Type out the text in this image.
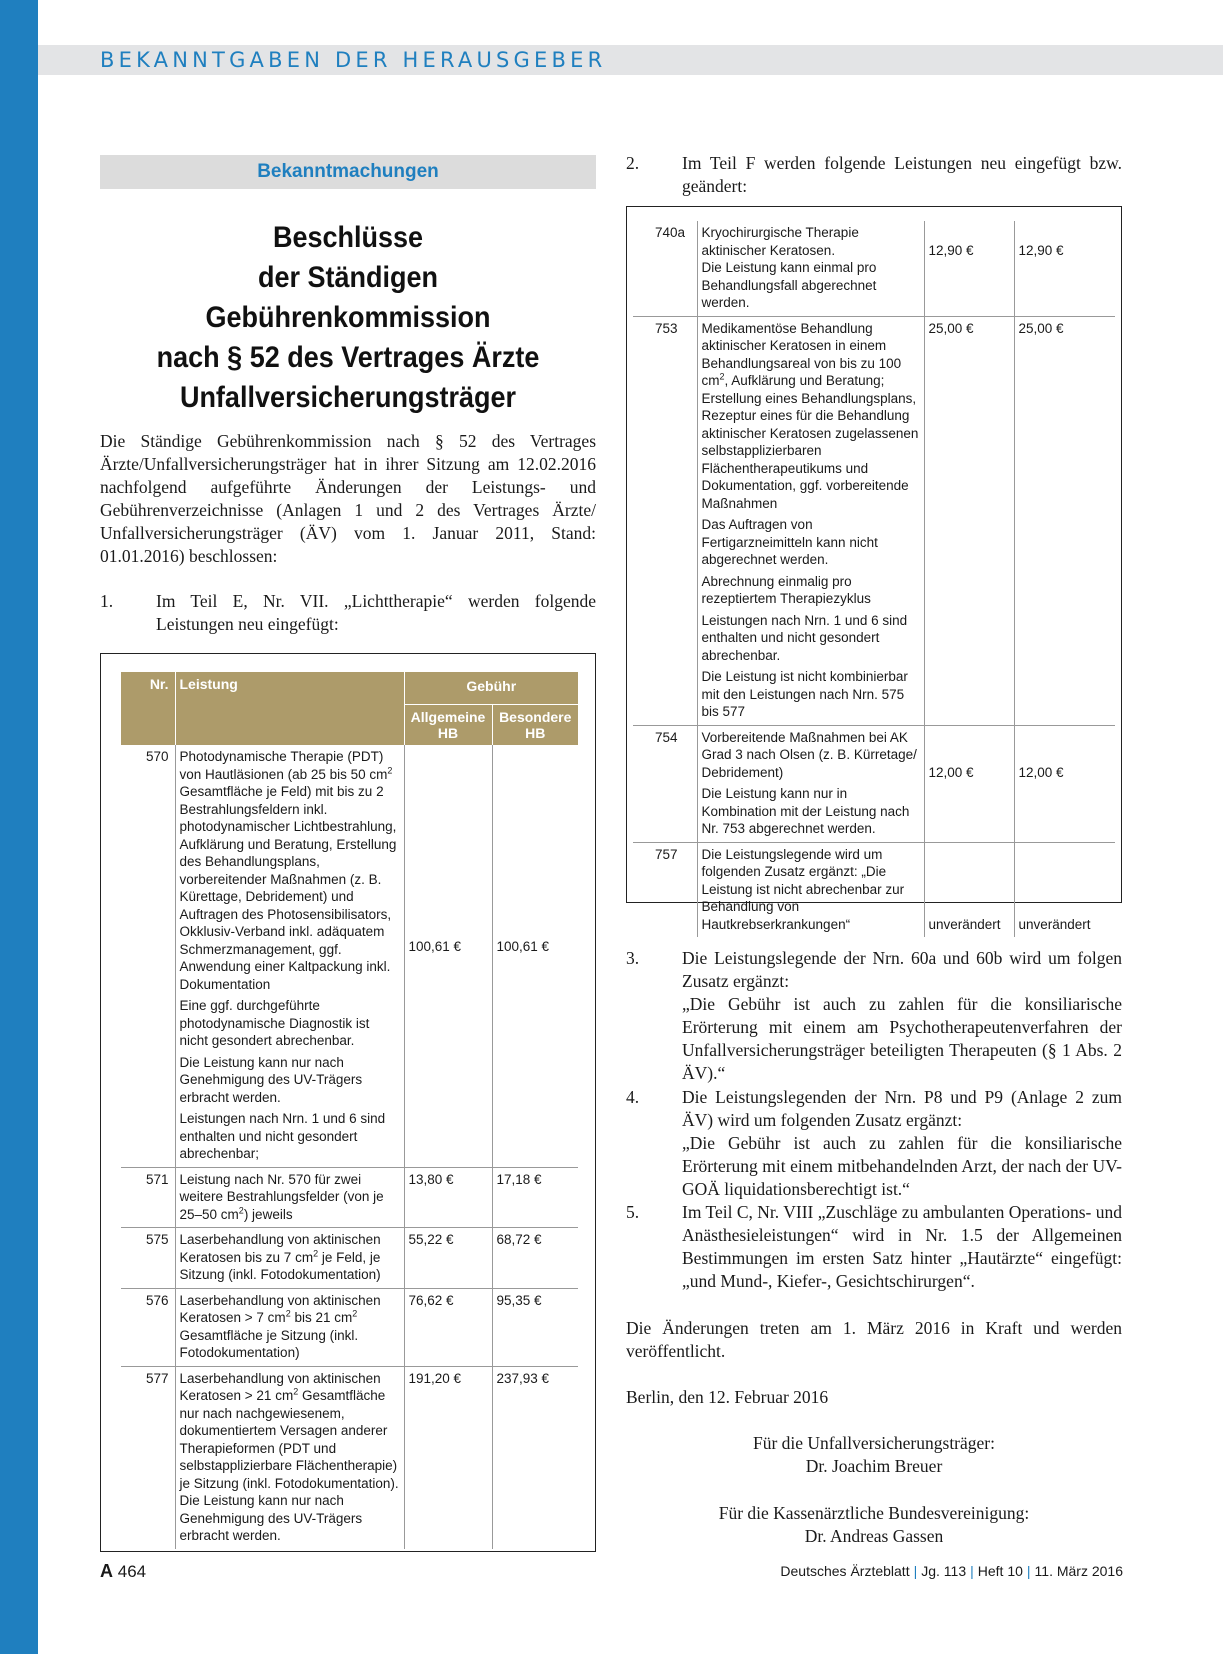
BEKANNTGABEN DER HERAUSGEBER
Bekanntmachungen
Beschlüsse
der Ständigen Gebührenkommission
nach § 52 des Vertrages Ärzte
Unfallversicherungsträger
Die Ständige Gebührenkommission nach § 52 des Vertrages Ärzte/Unfallversicherungsträger hat in ihrer Sitzung am 12.02.2016 nachfolgend aufgeführte Änderungen der Leistungs- und Gebührenverzeichnisse (Anlagen 1 und 2 des Vertrages Ärzte/ Unfallversicherungsträger (ÄV) vom 1. Januar 2011, Stand: 01.01.2016) beschlossen:
1. Im Teil E, Nr. VII. „Lichttherapie“ werden folgende Leistungen neu eingefügt:
Nr.	Leistung	Gebühr	
		Allgemeine HB	Besondere HB
570	Photodynamische Therapie (PDT) von Hautläsionen (ab 25 bis 50 $cm^2$ Gesamtfläche je Feld) mit bis zu 2 Bestrahlungsfeldern inkl. photodynamischer Lichtbestrahlung, Aufklärung und Beratung, Erstellung des Behandlungsplans, vorbereitender Maßnahmen (z. B. Kürettage, Debridement) und Auftragen des Photosensibilisators, Okklusiv-Verband inkl. adäquatem Schmerzmanagement, ggf. Anwendung einer Kaltpackung inkl. Dokumentation
Eine ggf. durchgeführte photodynamische Diagnostik ist nicht gesondert abrechenbar.
Die Leistung kann nur nach Genehmigung des UV-Trägers erbracht werden.
Leistungen nach Nrn. 1 und 6 sind enthalten und nicht gesondert abrechenbar;	100,61 €	100,61 €
571	Leistung nach Nr. 570 für zwei weitere Bestrahlungsfelder (von je 25–50 $cm^2$) jeweils	13,80 €	17,18 €
575	Laserbehandlung von aktinischen Keratosen bis zu 7 $cm^2$ je Feld, je Sitzung (inkl. Fotodokumentation)	55,22 €	68,72 €
576	Laserbehandlung von aktinischen Keratosen > 7 $cm^2$ bis 21 $cm^2$ Gesamtfläche je Sitzung (inkl. Fotodokumentation)	76,62 €	95,35 €
577	Laserbehandlung von aktinischen Keratosen > 21 $cm^2$ Gesamtfläche nur nach nachgewiesenem, dokumentiertem Versagen anderer Therapieformen (PDT und selbstapplizierbare Flächentherapie) je Sitzung (inkl. Fotodokumentation). Die Leistung kann nur nach Genehmigung des UV-Trägers erbracht werden.	191,20 €	237,93 €
2. Im Teil F werden folgende Leistungen neu eingefügt bzw. geändert:
740a	Kryochirurgische Therapie aktinischer Keratosen.
Die Leistung kann einmal pro Behandlungsfall abgerechnet werden.	12,90 €	12,90 €
753	Medikamentöse Behandlung aktinischer Keratosen in einem Behandlungsareal von bis zu 100 $cm^2$, Aufklärung und Beratung; Erstellung eines Behandlungsplans, Rezeptur eines für die Behandlung aktinischer Keratosen zugelassenen selbstapplizierbaren Flächentherapeutikums und Dokumentation, ggf. vorbereitende Maßnahmen
Das Auftragen von Fertigarzneimitteln kann nicht abgerechnet werden.
Abrechnung einmalig pro rezeptiertem Therapiezyklus
Leistungen nach Nrn. 1 und 6 sind enthalten und nicht gesondert abrechenbar.
Die Leistung ist nicht kombinierbar mit den Leistungen nach Nrn. 575 bis 577	25,00 €	25,00 €
754	Vorbereitende Maßnahmen bei AK Grad 3 nach Olsen (z. B. Kürretage/ Debridement)
Die Leistung kann nur in Kombination mit der Leistung nach Nr. 753 abgerechnet werden.	12,00 €	12,00 €
757	Die Leistungslegende wird um folgenden Zusatz ergänzt: „Die Leistung ist nicht abrechenbar zur Behandlung von Hautkrebserkrankungen“	unverändert	unverändert
3. Die Leistungslegende der Nrn. 60a und 60b wird um folgen Zusatz ergänzt:
„Die Gebühr ist auch zu zahlen für die konsiliarische Erörterung mit einem am Psychotherapeutenverfahren der Unfallversicherungsträger beteiligten Therapeuten (§ 1 Abs. 2 ÄV).“
4. Die Leistungslegenden der Nrn. P8 und P9 (Anlage 2 zum ÄV) wird um folgenden Zusatz ergänzt:
„Die Gebühr ist auch zu zahlen für die konsiliarische Erörterung mit einem mitbehandelnden Arzt, der nach der UV-GOÄ liquidationsberechtigt ist.“
5. Im Teil C, Nr. VIII „Zuschläge zu ambulanten Operations- und Anästhesieleistungen“ wird in Nr. 1.5 der Allgemeinen Bestimmungen im ersten Satz hinter „Hautärzte“ eingefügt: „und Mund-, Kiefer-, Gesichtschirurgen“.
Die Änderungen treten am 1. März 2016 in Kraft und werden veröffentlicht.
Berlin, den 12. Februar 2016
Für die Unfallversicherungsträger:
Dr. Joachim Breuer
Für die Kassenärztliche Bundesvereinigung:
Dr. Andreas Gassen
A 464	Deutsches Ärzteblatt | Jg. 113 | Heft 10 | 11. März 2016
